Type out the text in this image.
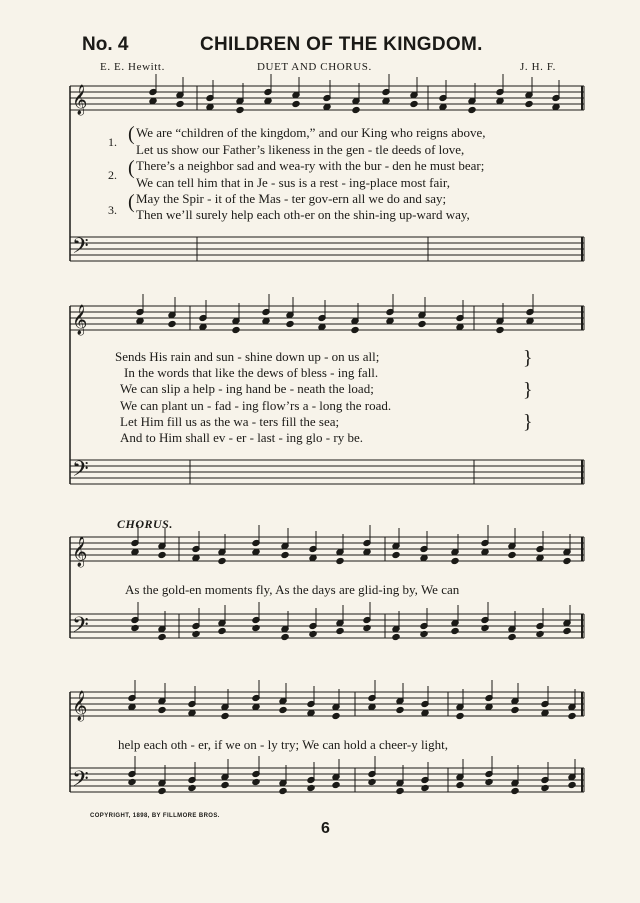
No. 4	CHILDREN OF THE KINGDOM.
E. E. Hewitt.	DUET AND CHORUS.	J. H. F.
𝄞
𝄢
𝄞
𝄢
𝄞
𝄢
𝄞
𝄢
1.
2.
3.
(
(
(
We are “children of the kingdom,” and our King who reigns above,
Let us show our Father’s likeness in the gen - tle deeds of love,
There’s a neighbor sad and wea-ry with the bur - den he must bear;
We can tell him that in Je - sus is a rest - ing-place most fair,
May the Spir - it of the Mas - ter gov-ern all we do and say;
Then we’ll surely help each oth-er on the shin-ing up-ward way,
Sends His rain and sun - shine down up - on us all;
In the words that like the dews of bless - ing fall.
We can slip a help - ing hand be - neath the load;
We can plant un - fad - ing flow’rs a - long the road.
Let Him fill us as the wa - ters fill the sea;
And to Him shall ev - er - last - ing glo - ry be.
}
}
}
CHORUS.
As the gold-en moments fly, As the days are glid-ing by, We can
help each oth - er, if we on - ly try; We can hold a cheer-y light,
COPYRIGHT, 1898, BY FILLMORE BROS.
6
